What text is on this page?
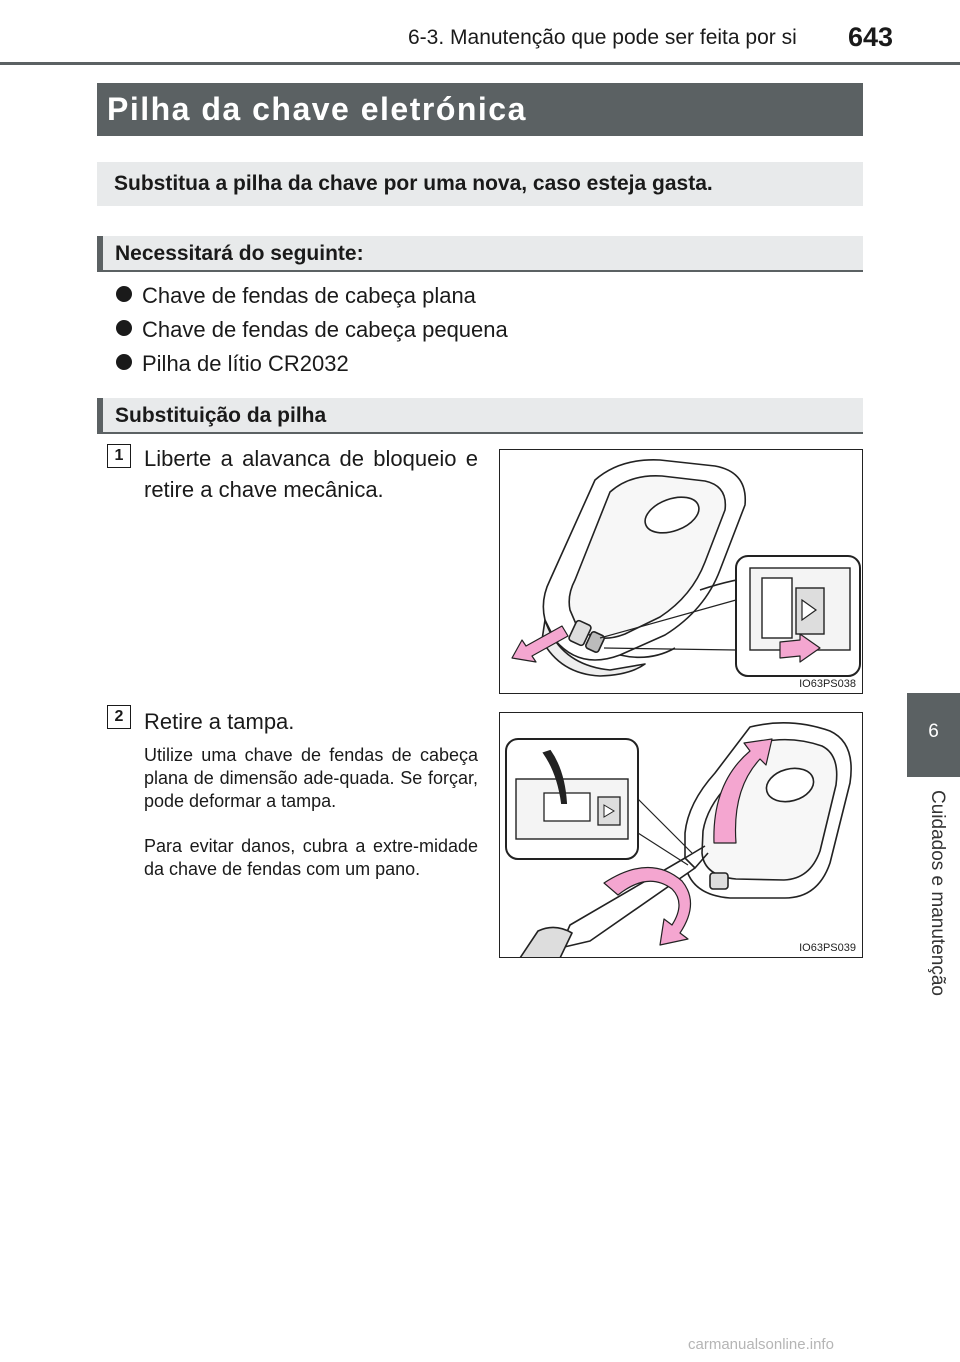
6-3. Manutenção que pode ser feita por si 643
6
Cuidados e manutenção
Pilha da chave eletrónica
Substitua a pilha da chave por uma nova, caso esteja gasta.
Necessitará do seguinte:
Chave de fendas de cabeça plana
Chave de fendas de cabeça pequena
Pilha de lítio CR2032
Substituição da pilha
1 Liberte a alavanca de bloqueio e retire a chave mecânica.
IO63PS038
2 Retire a tampa.
Utilize uma chave de fendas de cabeça plana de dimensão ade-quada. Se forçar, pode deformar a tampa.
Para evitar danos, cubra a extre-midade da chave de fendas com um pano.
IO63PS039
carmanualsonline.info
